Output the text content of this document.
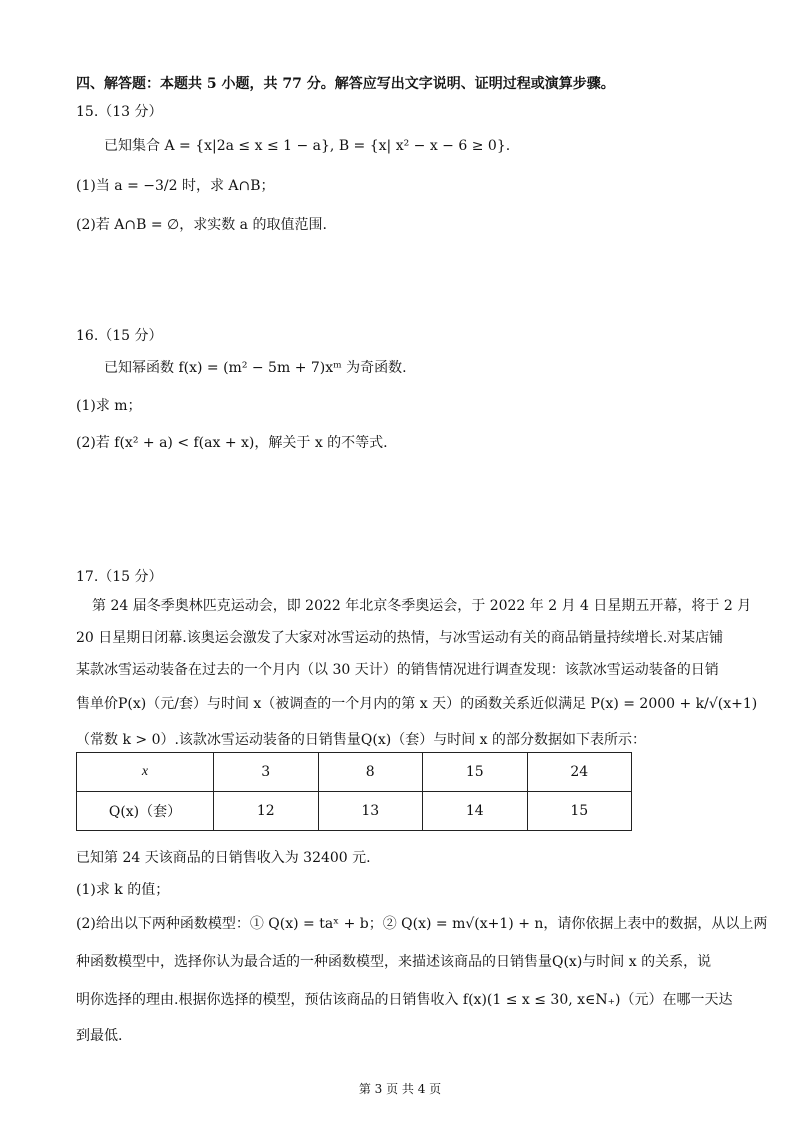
四、解答题：本题共 5 小题，共 77 分。解答应写出文字说明、证明过程或演算步骤。
15.（13 分）
已知集合 A = {x|2a ≤ x ≤ 1 − a}, B = {x| x² − x − 6 ≥ 0}.
(1)当 a = −3/2 时，求 A∩B；
(2)若 A∩B = ∅，求实数 a 的取值范围.
16.（15 分）
已知幂函数 f(x) = (m² − 5m + 7)xᵐ 为奇函数.
(1)求 m；
(2)若 f(x² + a) < f(ax + x)，解关于 x 的不等式.
17.（15 分）
第 24 届冬季奥林匹克运动会，即 2022 年北京冬季奥运会，于 2022 年 2 月 4 日星期五开幕，将于 2 月
20 日星期日闭幕.该奥运会激发了大家对冰雪运动的热情，与冰雪运动有关的商品销量持续增长.对某店铺
某款冰雪运动装备在过去的一个月内（以 30 天计）的销售情况进行调查发现：该款冰雪运动装备的日销
售单价P(x)（元/套）与时间 x（被调查的一个月内的第 x 天）的函数关系近似满足 P(x) = 2000 + k/√(x+1)
（常数 k > 0）.该款冰雪运动装备的日销售量Q(x)（套）与时间 x 的部分数据如下表所示：
x	3	8	15	24
Q(x)（套）	12	13	14	15
已知第 24 天该商品的日销售收入为 32400 元.
(1)求 k 的值；
(2)给出以下两种函数模型：① Q(x) = taˣ + b；② Q(x) = m√(x+1) + n，请你依据上表中的数据，从以上两
种函数模型中，选择你认为最合适的一种函数模型，来描述该商品的日销售量Q(x)与时间 x 的关系，说
明你选择的理由.根据你选择的模型，预估该商品的日销售收入 f(x)(1 ≤ x ≤ 30, x∈N₊)（元）在哪一天达
到最低.
第 3 页 共 4 页
